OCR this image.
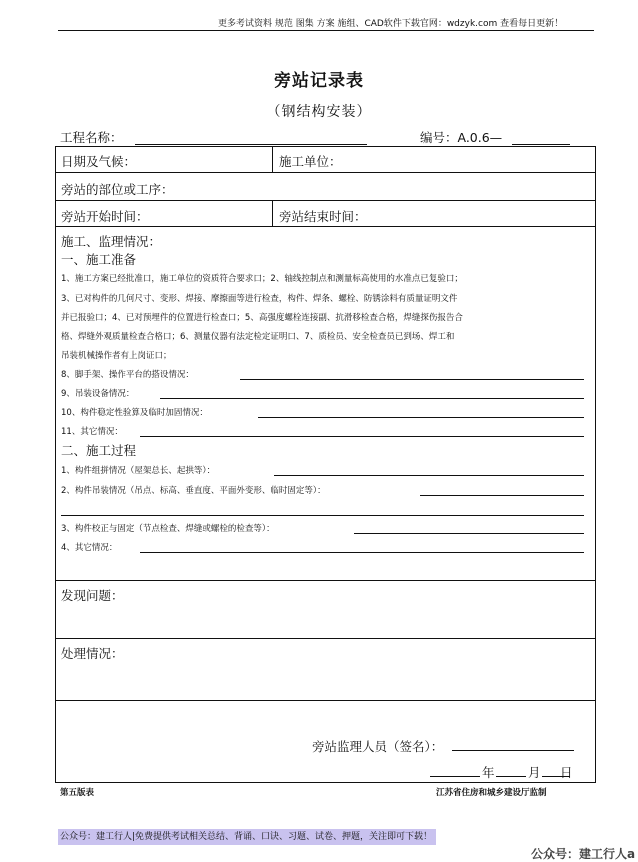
更多考试资料 规范 图集 方案 施组、CAD软件下载官网：wdzyk.com 查看每日更新！
旁站记录表
（钢结构安装）
工程名称：	编号：A.0.6—
日期及气候：	施工单位：
旁站的部位或工序：
旁站开始时间：	旁站结束时间：
施工、监理情况：
一、施工准备
1、施工方案已经批准口，施工单位的资质符合要求口；2、轴线控制点和测量标高使用的水准点已复验口；
3、已对构件的几何尺寸、变形、焊接、摩擦面等进行检查，构件、焊条、螺栓、防锈涂料有质量证明文件
并已报验口；4、已对预埋件的位置进行检查口；5、高强度螺栓连接副、抗滑移检查合格，焊缝探伤报告合
格、焊缝外观质量检查合格口；6、测量仪器有法定检定证明口、7、质检员、安全检查员已到场、焊工和
吊装机械操作者有上岗证口；
8、脚手架、操作平台的搭设情况：
9、吊装设备情况：
10、构件稳定性验算及临时加固情况：
11、其它情况：
二、施工过程
1、构件组拼情况（屋架总长、起拱等）：
2、构件吊装情况（吊点、标高、垂直度、平面外变形、临时固定等）：
3、构件校正与固定（节点检查、焊缝或螺栓的检查等）：
4、其它情况：
发现问题：
处理情况：
旁站监理人员（签名）：
年	月 日
第五版表	江苏省住房和城乡建设厅监制
公众号：建工行人|免费提供考试相关总结、背诵、口诀、习题、试卷、押题，关注即可下载！
公众号：建工行人a
